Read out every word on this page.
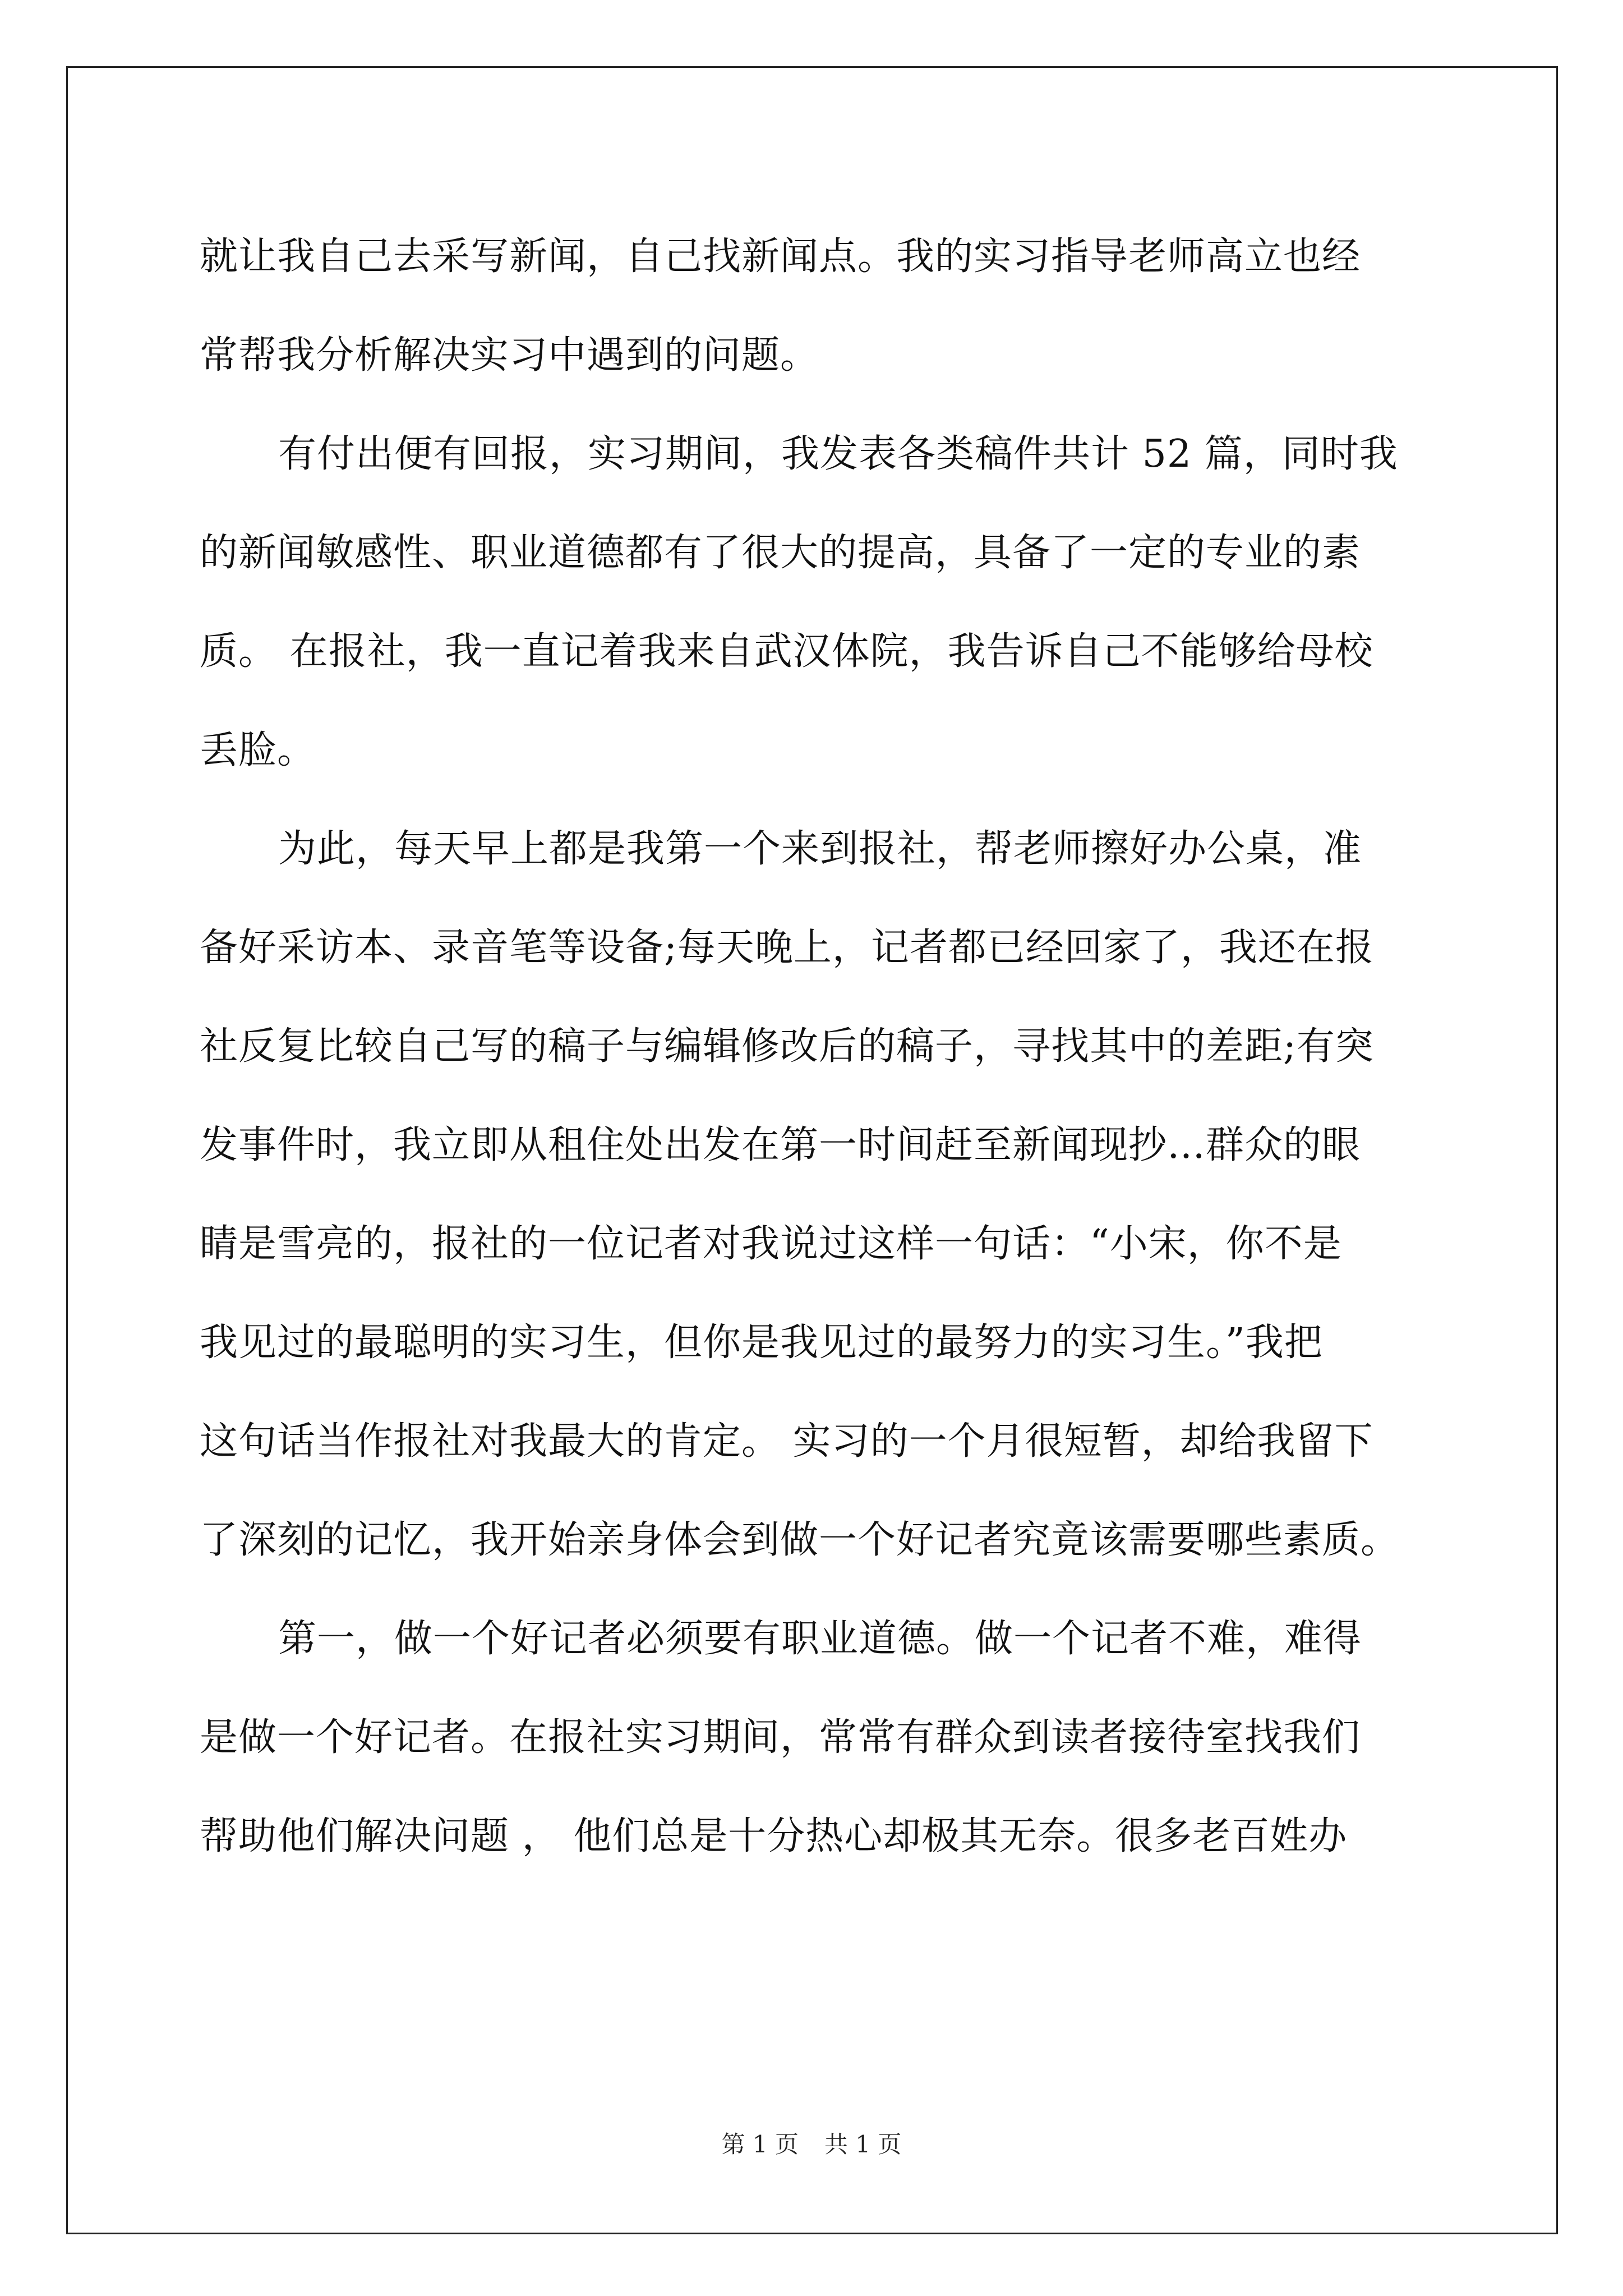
就让我自己去采写新闻，自己找新闻点。我的实习指导老师高立也经
常帮我分析解决实习中遇到的问题。
有付出便有回报，实习期间，我发表各类稿件共计 52 篇，同时我
的新闻敏感性、职业道德都有了很大的提高，具备了一定的专业的素
质。 在报社，我一直记着我来自武汉体院，我告诉自己不能够给母校
丢脸。
为此，每天早上都是我第一个来到报社，帮老师擦好办公桌，准
备好采访本、录音笔等设备;每天晚上，记者都已经回家了，我还在报
社反复比较自己写的稿子与编辑修改后的稿子，寻找其中的差距;有突
发事件时，我立即从租住处出发在第一时间赶至新闻现抄…群众的眼
睛是雪亮的，报社的一位记者对我说过这样一句话：“小宋，你不是
我见过的最聪明的实习生，但你是我见过的最努力的实习生。”我把
这句话当作报社对我最大的肯定。 实习的一个月很短暂，却给我留下
了深刻的记忆，我开始亲身体会到做一个好记者究竟该需要哪些素质。
第一，做一个好记者必须要有职业道德。做一个记者不难，难得
是做一个好记者。在报社实习期间，常常有群众到读者接待室找我们
帮助他们解决问题 ， 他们总是十分热心却极其无奈。很多老百姓办
第 1 页 共 1 页
